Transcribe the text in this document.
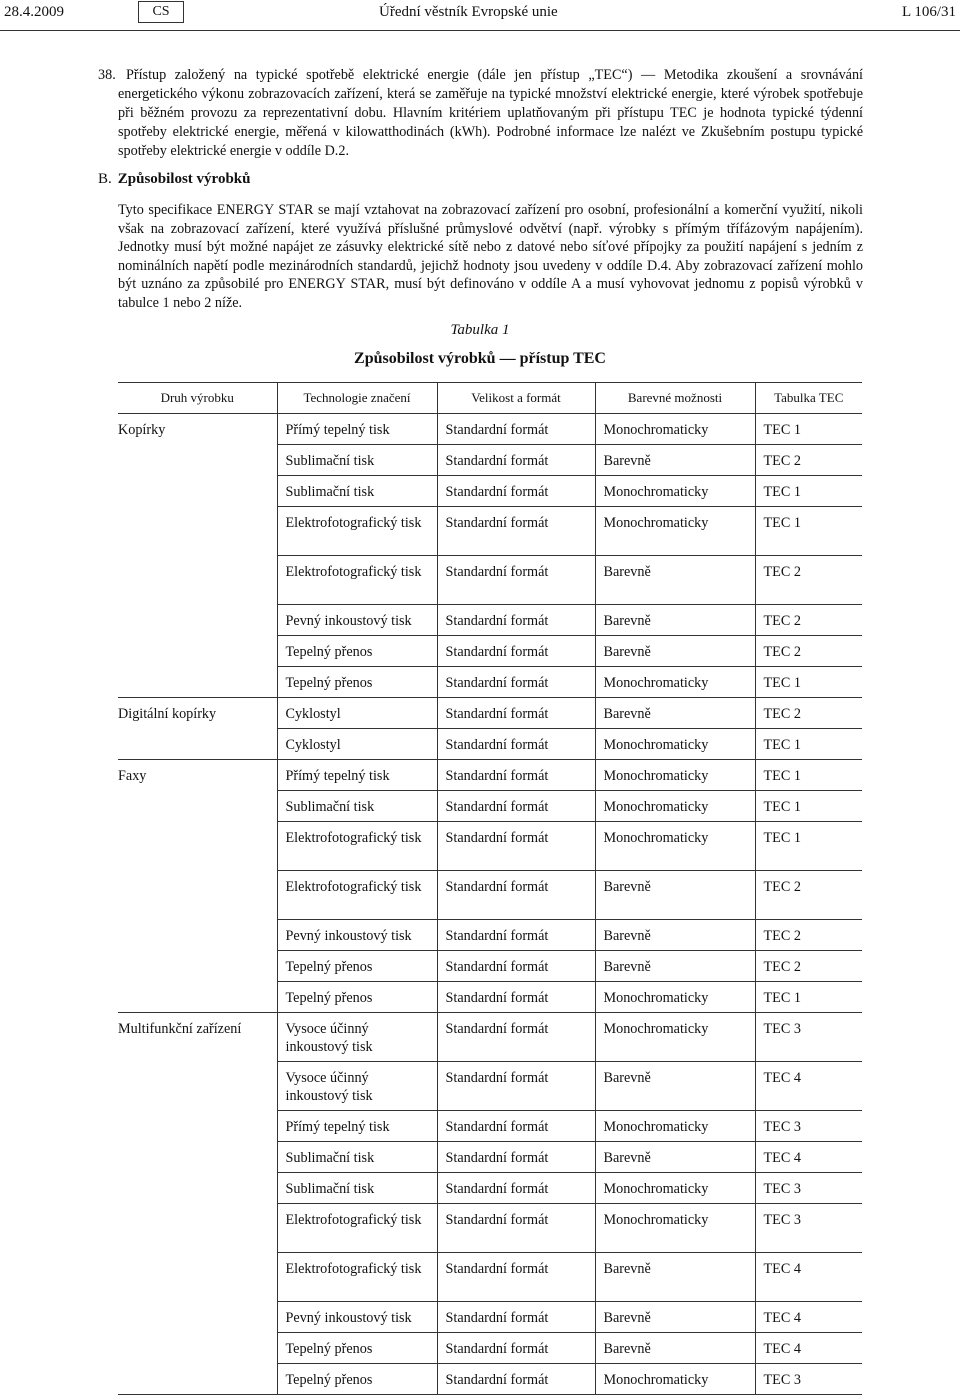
28.4.2009	CS	Úřední věstník Evropské unie	L 106/31
38. Přístup založený na typické spotřebě elektrické energie (dále jen přístup „TEC“) — Metodika zkoušení a srovnávání energetického výkonu zobrazovacích zařízení, která se zaměřuje na typické množství elektrické energie, které výrobek spotřebuje při běžném provozu za reprezentativní dobu. Hlavním kritériem uplatňovaným při přístupu TEC je hodnota typické týdenní spotřeby elektrické energie, měřená v kilowatthodinách (kWh). Podrobné informace lze nalézt ve Zkušebním postupu typické spotřeby elektrické energie v oddíle D.2.
B. Způsobilost výrobků
Tyto specifikace ENERGY STAR se mají vztahovat na zobrazovací zařízení pro osobní, profesionální a komerční využití, nikoli však na zobrazovací zařízení, které využívá příslušné průmyslové odvětví (např. výrobky s přímým třífázovým napájením). Jednotky musí být možné napájet ze zásuvky elektrické sítě nebo z datové nebo síťové přípojky za použití napájení s jedním z nominálních napětí podle mezinárodních standardů, jejichž hodnoty jsou uvedeny v oddíle D.4. Aby zobrazovací zařízení mohlo být uznáno za způsobilé pro ENERGY STAR, musí být definováno v oddíle A a musí vyhovovat jednomu z popisů výrobků v tabulce 1 nebo 2 níže.
Tabulka 1
Způsobilost výrobků — přístup TEC
Druh výrobku	Technologie značení	Velikost a formát	Barevné možnosti	Tabulka TEC
Kopírky	Přímý tepelný tisk	Standardní formát	Monochromaticky	TEC 1
	Sublimační tisk	Standardní formát	Barevně	TEC 2
	Sublimační tisk	Standardní formát	Monochromaticky	TEC 1
	Elektrofotografický tisk	Standardní formát	Monochromaticky	TEC 1
	Elektrofotografický tisk	Standardní formát	Barevně	TEC 2
	Pevný inkoustový tisk	Standardní formát	Barevně	TEC 2
	Tepelný přenos	Standardní formát	Barevně	TEC 2
	Tepelný přenos	Standardní formát	Monochromaticky	TEC 1
Digitální kopírky	Cyklostyl	Standardní formát	Barevně	TEC 2
	Cyklostyl	Standardní formát	Monochromaticky	TEC 1
Faxy	Přímý tepelný tisk	Standardní formát	Monochromaticky	TEC 1
	Sublimační tisk	Standardní formát	Monochromaticky	TEC 1
	Elektrofotografický tisk	Standardní formát	Monochromaticky	TEC 1
	Elektrofotografický tisk	Standardní formát	Barevně	TEC 2
	Pevný inkoustový tisk	Standardní formát	Barevně	TEC 2
	Tepelný přenos	Standardní formát	Barevně	TEC 2
	Tepelný přenos	Standardní formát	Monochromaticky	TEC 1
Multifunkční zařízení	Vysoce účinný inkoustový tisk	Standardní formát	Monochromaticky	TEC 3
	Vysoce účinný inkoustový tisk	Standardní formát	Barevně	TEC 4
	Přímý tepelný tisk	Standardní formát	Monochromaticky	TEC 3
	Sublimační tisk	Standardní formát	Barevně	TEC 4
	Sublimační tisk	Standardní formát	Monochromaticky	TEC 3
	Elektrofotografický tisk	Standardní formát	Monochromaticky	TEC 3
	Elektrofotografický tisk	Standardní formát	Barevně	TEC 4
	Pevný inkoustový tisk	Standardní formát	Barevně	TEC 4
	Tepelný přenos	Standardní formát	Barevně	TEC 4
	Tepelný přenos	Standardní formát	Monochromaticky	TEC 3
